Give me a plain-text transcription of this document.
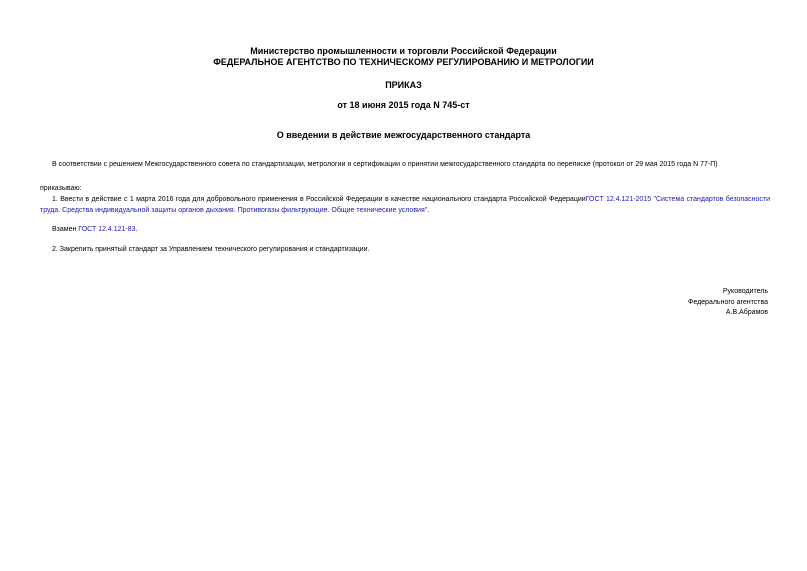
Министерство промышленности и торговли Российской Федерации
ФЕДЕРАЛЬНОЕ АГЕНТСТВО ПО ТЕХНИЧЕСКОМУ РЕГУЛИРОВАНИЮ И МЕТРОЛОГИИ
ПРИКАЗ
от 18 июня 2015 года N 745-ст
О введении в действие межгосударственного стандарта
В соответствии с решением Межгосударственного совета по стандартизации, метрологии и сертификации о принятии межгосударственного стандарта по переписке (протокол от 29 мая 2015 года N 77-П)
приказываю:
1. Ввести в действие с 1 марта 2016 года для добровольного применения в Российской Федерации в качестве национального стандарта Российской ФедерацииГОСТ 12.4.121-2015 "Система стандартов безопасности труда. Средства индивидуальной защиты органов дыхания. Противогазы фильтрующие. Общие технические условия".
Взамен ГОСТ 12.4.121-83.
2. Закрепить принятый стандарт за Управлением технического регулирования и стандартизации.
Руководитель
Федерального агентства
А.В.Абрамов
